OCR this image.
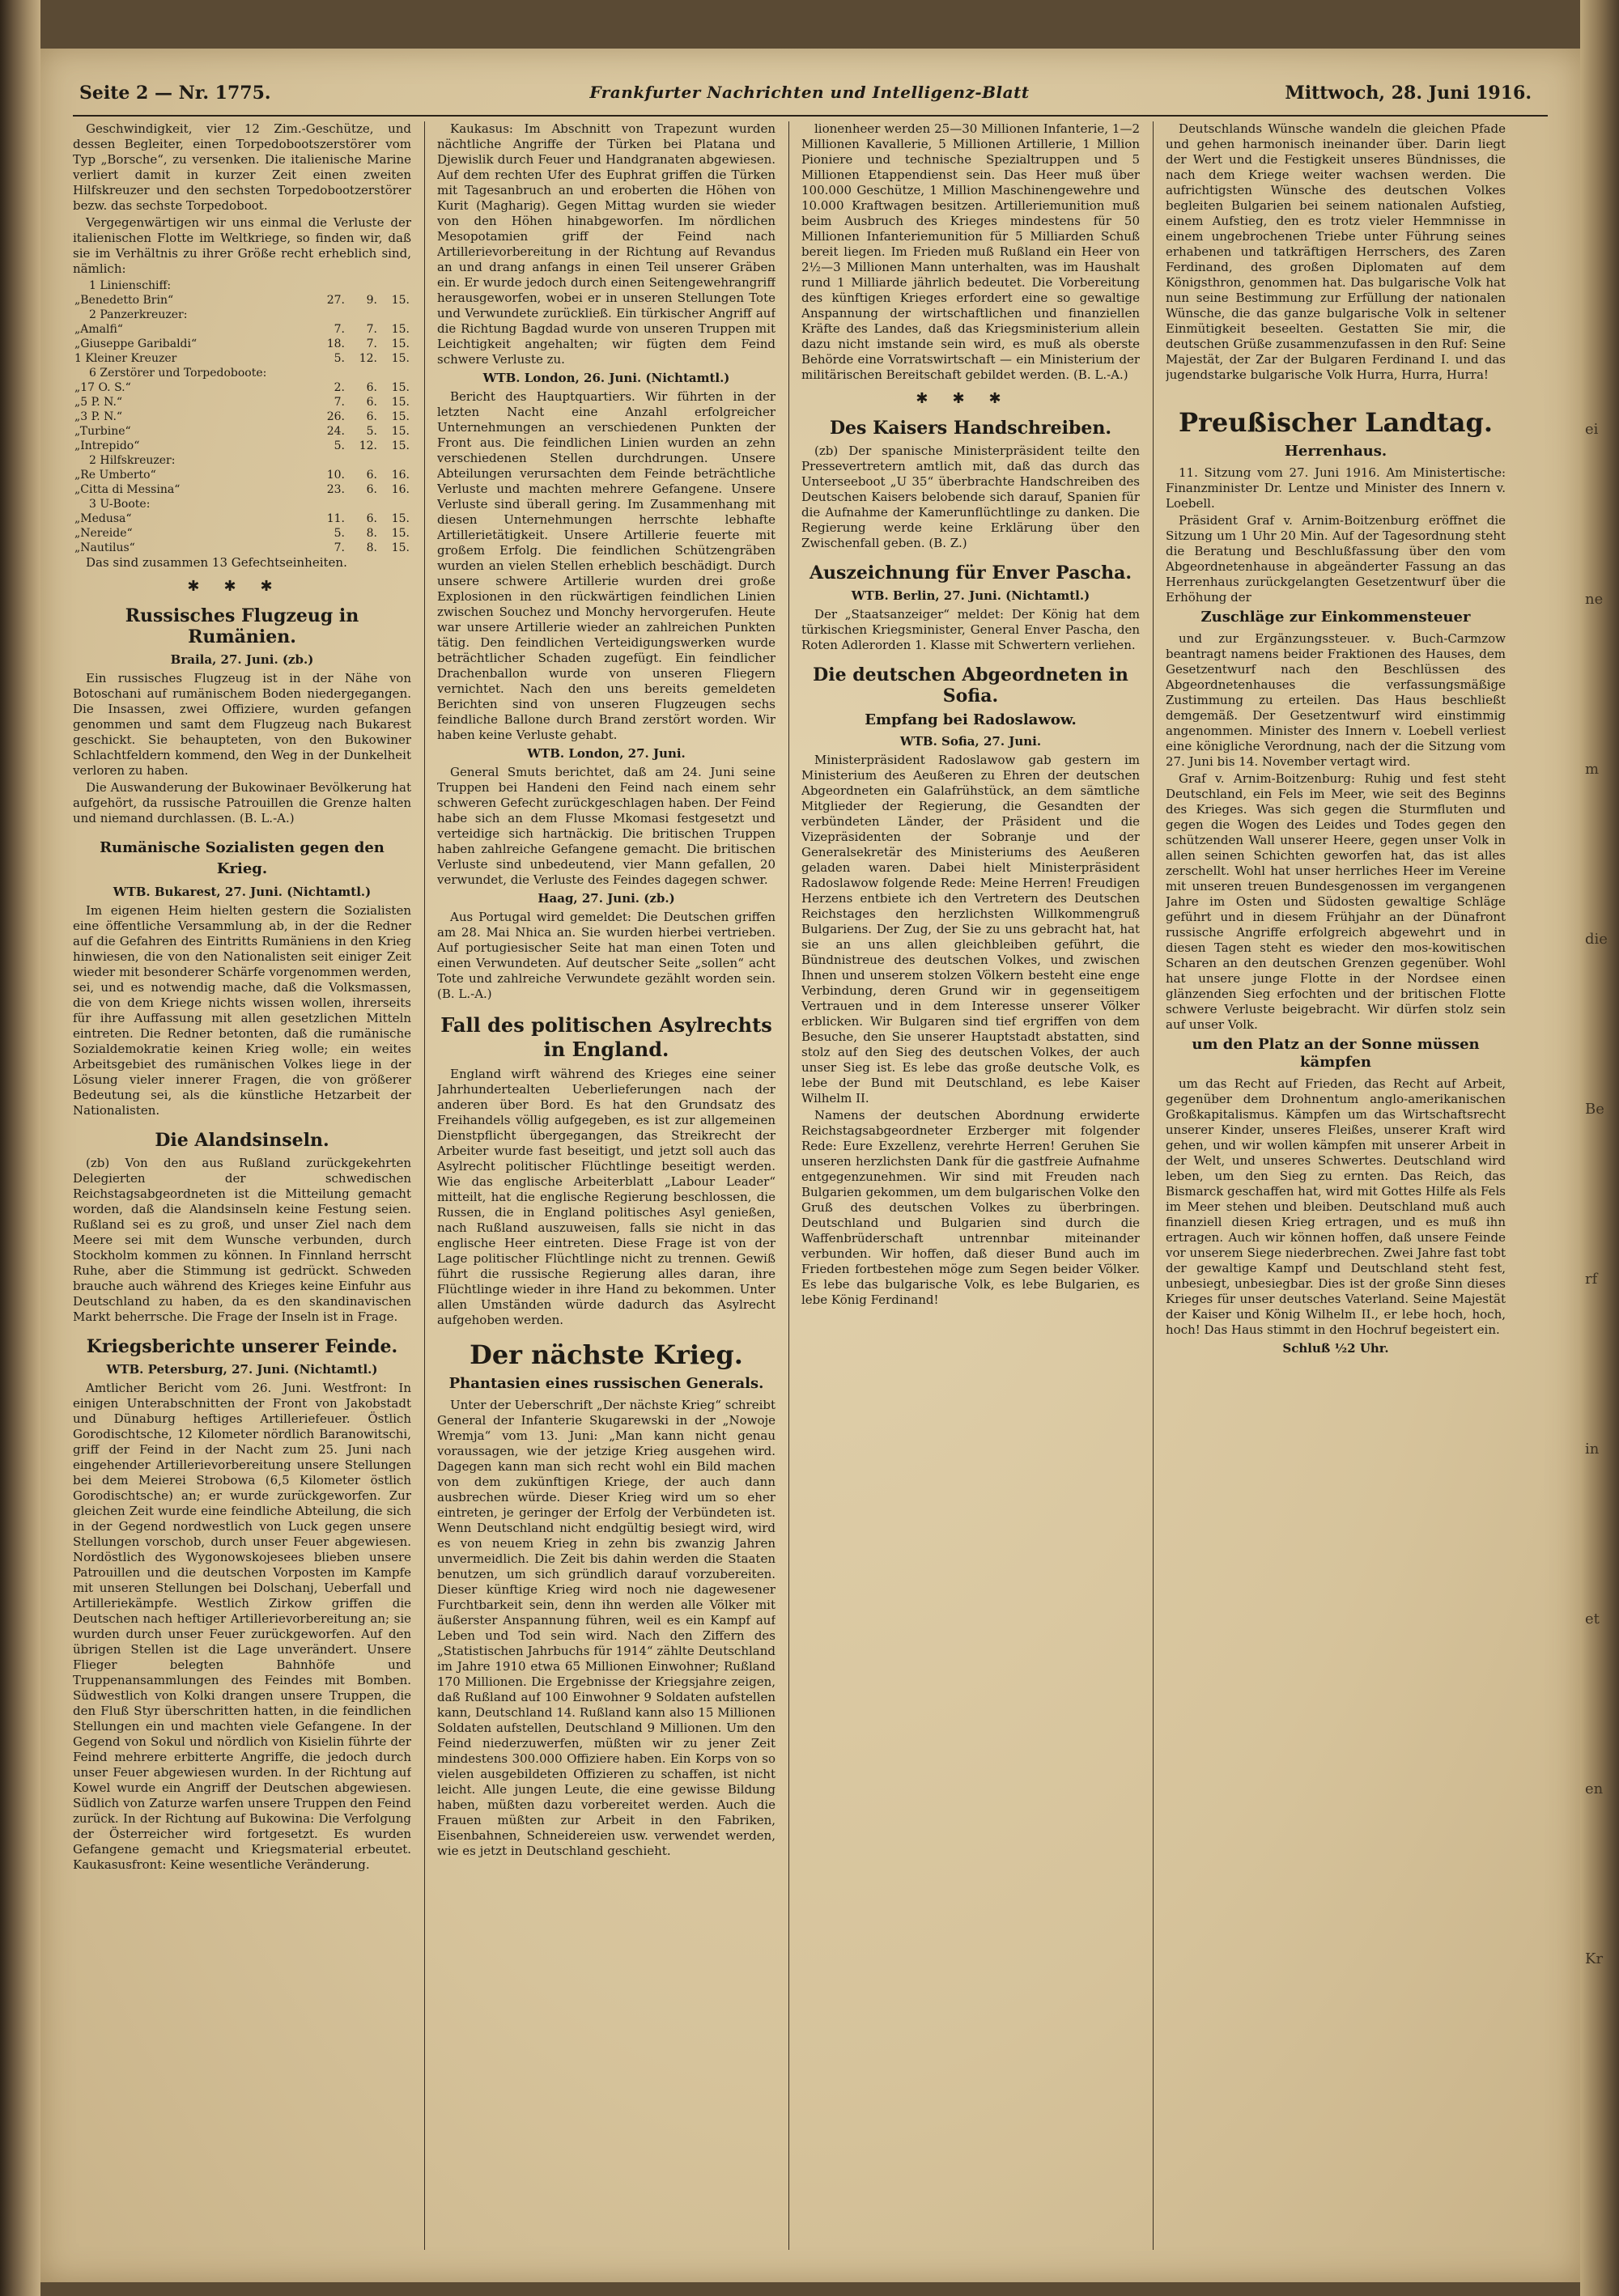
Seite 2 — Nr. 1775.	Frankfurter Nachrichten und Intelligenz-Blatt	Mittwoch, 28. Juni 1916.

Geschwindigkeit, vier 12 Zim.-Geschütze, und dessen Begleiter, einen Torpedobootszerstörer vom Typ „Borsche“, zu versenken. Die italienische Marine verliert damit in kurzer Zeit einen zweiten Hilfskreuzer und den sechsten Torpedobootzerstörer bezw. das sechste Torpedoboot.

Vergegenwärtigen wir uns einmal die Verluste der italienischen Flotte im Weltkriege, so finden wir, daß sie im Verhältnis zu ihrer Größe recht erheblich sind, nämlich:

1 Linienschiff:			
„Benedetto Brin“	27.	9.	15.
2 Panzerkreuzer:			
„Amalfi“	7.	7.	15.
„Giuseppe Garibaldi“	18.	7.	15.
1 Kleiner Kreuzer	5.	12.	15.
6 Zerstörer und Torpedoboote:			
„17 O. S.“	2.	6.	15.
„5 P. N.“	7.	6.	15.
„3 P. N.“	26.	6.	15.
„Turbine“	24.	5.	15.
„Intrepido“	5.	12.	15.
2 Hilfskreuzer:			
„Re Umberto“	10.	6.	16.
„Citta di Messina“	23.	6.	16.
3 U-Boote:			
„Medusa“	11.	6.	15.
„Nereide“	5.	8.	15.
„Nautilus“	7.	8.	15.

Das sind zusammen 13 Gefechtseinheiten.

✱✱✱
Russisches Flugzeug in Rumänien.

Braila, 27. Juni. (zb.)

Ein russisches Flugzeug ist in der Nähe von Botoschani auf rumänischem Boden niedergegangen. Die Insassen, zwei Offiziere, wurden gefangen genommen und samt dem Flugzeug nach Bukarest geschickt. Sie behaupteten, von den Bukowiner Schlachtfeldern kommend, den Weg in der Dunkelheit verloren zu haben.

Die Auswanderung der Bukowinaer Bevölkerung hat aufgehört, da russische Patrouillen die Grenze halten und niemand durchlassen. (B. L.-A.)

Rumänische Sozialisten gegen den Krieg.

WTB. Bukarest, 27. Juni. (Nichtamtl.)

Im eigenen Heim hielten gestern die Sozialisten eine öffentliche Versammlung ab, in der die Redner auf die Gefahren des Eintritts Rumäniens in den Krieg hinwiesen, die von den Nationalisten seit einiger Zeit wieder mit besonderer Schärfe vorgenommen werden, sei, und es notwendig mache, daß die Volksmassen, die von dem Kriege nichts wissen wollen, ihrerseits für ihre Auffassung mit allen gesetzlichen Mitteln eintreten. Die Redner betonten, daß die rumänische Sozialdemokratie keinen Krieg wolle; ein weites Arbeitsgebiet des rumänischen Volkes liege in der Lösung vieler innerer Fragen, die von größerer Bedeutung sei, als die künstliche Hetzarbeit der Nationalisten.

Die Alandsinseln.

(zb) Von den aus Rußland zurückgekehrten Delegierten der schwedischen Reichstagsabgeordneten ist die Mitteilung gemacht worden, daß die Alandsinseln keine Festung seien. Rußland sei es zu groß, und unser Ziel nach dem Meere sei mit dem Wunsche verbunden, durch Stockholm kommen zu können. In Finnland herrscht Ruhe, aber die Stimmung ist gedrückt. Schweden brauche auch während des Krieges keine Einfuhr aus Deutschland zu haben, da es den skandinavischen Markt beherrsche. Die Frage der Inseln ist in Frage.

Kriegsberichte unserer Feinde.

WTB. Petersburg, 27. Juni. (Nichtamtl.)

Amtlicher Bericht vom 26. Juni. Westfront: In einigen Unterabschnitten der Front von Jakobstadt und Dünaburg heftiges Artilleriefeuer. Östlich Gorodischtsche, 12 Kilometer nördlich Baranowitschi, griff der Feind in der Nacht zum 25. Juni nach eingehender Artillerievorbereitung unsere Stellungen bei dem Meierei Strobowa (6,5 Kilometer östlich Gorodischtsche) an; er wurde zurückgeworfen. Zur gleichen Zeit wurde eine feindliche Abteilung, die sich in der Gegend nordwestlich von Luck gegen unsere Stellungen vorschob, durch unser Feuer abgewiesen. Nordöstlich des Wygonowskojesees blieben unsere Patrouillen und die deutschen Vorposten im Kampfe mit unseren Stellungen bei Dolschanj, Ueberfall und Artilleriekämpfe. Westlich Zirkow griffen die Deutschen nach heftiger Artillerievorbereitung an; sie wurden durch unser Feuer zurückgeworfen. Auf den übrigen Stellen ist die Lage unverändert. Unsere Flieger belegten Bahnhöfe und Truppenansammlungen des Feindes mit Bomben. Südwestlich von Kolki drangen unsere Truppen, die den Fluß Styr überschritten hatten, in die feindlichen Stellungen ein und machten viele Gefangene. In der Gegend von Sokul und nördlich von Kisielin führte der Feind mehrere erbitterte Angriffe, die jedoch durch unser Feuer abgewiesen wurden. In der Richtung auf Kowel wurde ein Angriff der Deutschen abgewiesen. Südlich von Zaturze warfen unsere Truppen den Feind zurück. In der Richtung auf Bukowina: Die Verfolgung der Österreicher wird fortgesetzt. Es wurden Gefangene gemacht und Kriegsmaterial erbeutet. Kaukasusfront: Keine wesentliche Veränderung.

Kaukasus: Im Abschnitt von Trapezunt wurden nächtliche Angriffe der Türken bei Platana und Djewislik durch Feuer und Handgranaten abgewiesen. Auf dem rechten Ufer des Euphrat griffen die Türken mit Tagesanbruch an und eroberten die Höhen von Kurit (Magharig). Gegen Mittag wurden sie wieder von den Höhen hinabgeworfen. Im nördlichen Mesopotamien griff der Feind nach Artillerievorbereitung in der Richtung auf Revandus an und drang anfangs in einen Teil unserer Gräben ein. Er wurde jedoch durch einen Seitengewehrangriff herausgeworfen, wobei er in unseren Stellungen Tote und Verwundete zurückließ. Ein türkischer Angriff auf die Richtung Bagdad wurde von unseren Truppen mit Leichtigkeit angehalten; wir fügten dem Feind schwere Verluste zu.

WTB. London, 26. Juni. (Nichtamtl.)

Bericht des Hauptquartiers. Wir führten in der letzten Nacht eine Anzahl erfolgreicher Unternehmungen an verschiedenen Punkten der Front aus. Die feindlichen Linien wurden an zehn verschiedenen Stellen durchdrungen. Unsere Abteilungen verursachten dem Feinde beträchtliche Verluste und machten mehrere Gefangene. Unsere Verluste sind überall gering. Im Zusammenhang mit diesen Unternehmungen herrschte lebhafte Artillerietätigkeit. Unsere Artillerie feuerte mit großem Erfolg. Die feindlichen Schützengräben wurden an vielen Stellen erheblich beschädigt. Durch unsere schwere Artillerie wurden drei große Explosionen in den rückwärtigen feindlichen Linien zwischen Souchez und Monchy hervorgerufen. Heute war unsere Artillerie wieder an zahlreichen Punkten tätig. Den feindlichen Verteidigungswerken wurde beträchtlicher Schaden zugefügt. Ein feindlicher Drachenballon wurde von unseren Fliegern vernichtet. Nach den uns bereits gemeldeten Berichten sind von unseren Flugzeugen sechs feindliche Ballone durch Brand zerstört worden. Wir haben keine Verluste gehabt.

WTB. London, 27. Juni.

General Smuts berichtet, daß am 24. Juni seine Truppen bei Handeni den Feind nach einem sehr schweren Gefecht zurückgeschlagen haben. Der Feind habe sich an dem Flusse Mkomasi festgesetzt und verteidige sich hartnäckig. Die britischen Truppen haben zahlreiche Gefangene gemacht. Die britischen Verluste sind unbedeutend, vier Mann gefallen, 20 verwundet, die Verluste des Feindes dagegen schwer.

Haag, 27. Juni. (zb.)

Aus Portugal wird gemeldet: Die Deutschen griffen am 28. Mai Nhica an. Sie wurden hierbei vertrieben. Auf portugiesischer Seite hat man einen Toten und einen Verwundeten. Auf deutscher Seite „sollen“ acht Tote und zahlreiche Verwundete gezählt worden sein. (B. L.-A.)

Fall des politischen Asylrechts in England.

England wirft während des Krieges eine seiner Jahrhundertealten Ueberlieferungen nach der anderen über Bord. Es hat den Grundsatz des Freihandels völlig aufgegeben, es ist zur allgemeinen Dienstpflicht übergegangen, das Streikrecht der Arbeiter wurde fast beseitigt, und jetzt soll auch das Asylrecht politischer Flüchtlinge beseitigt werden. Wie das englische Arbeiterblatt „Labour Leader“ mitteilt, hat die englische Regierung beschlossen, die Russen, die in England politisches Asyl genießen, nach Rußland auszuweisen, falls sie nicht in das englische Heer eintreten. Diese Frage ist von der Lage politischer Flüchtlinge nicht zu trennen. Gewiß führt die russische Regierung alles daran, ihre Flüchtlinge wieder in ihre Hand zu bekommen. Unter allen Umständen würde dadurch das Asylrecht aufgehoben werden.

Der nächste Krieg.
Phantasien eines russischen Generals.

Unter der Ueberschrift „Der nächste Krieg“ schreibt General der Infanterie Skugarewski in der „Nowoje Wremja“ vom 13. Juni: „Man kann nicht genau voraussagen, wie der jetzige Krieg ausgehen wird. Dagegen kann man sich recht wohl ein Bild machen von dem zukünftigen Kriege, der auch dann ausbrechen würde. Dieser Krieg wird um so eher eintreten, je geringer der Erfolg der Verbündeten ist. Wenn Deutschland nicht endgültig besiegt wird, wird es von neuem Krieg in zehn bis zwanzig Jahren unvermeidlich. Die Zeit bis dahin werden die Staaten benutzen, um sich gründlich darauf vorzubereiten. Dieser künftige Krieg wird noch nie dagewesener Furchtbarkeit sein, denn ihn werden alle Völker mit äußerster Anspannung führen, weil es ein Kampf auf Leben und Tod sein wird. Nach den Ziffern des „Statistischen Jahrbuchs für 1914“ zählte Deutschland im Jahre 1910 etwa 65 Millionen Einwohner; Rußland 170 Millionen. Die Ergebnisse der Kriegsjahre zeigen, daß Rußland auf 100 Einwohner 9 Soldaten aufstellen kann, Deutschland 14. Rußland kann also 15 Millionen Soldaten aufstellen, Deutschland 9 Millionen. Um den Feind niederzuwerfen, müßten wir zu jener Zeit mindestens 300.000 Offiziere haben. Ein Korps von so vielen ausgebildeten Offizieren zu schaffen, ist nicht leicht. Alle jungen Leute, die eine gewisse Bildung haben, müßten dazu vorbereitet werden. Auch die Frauen müßten zur Arbeit in den Fabriken, Eisenbahnen, Schneidereien usw. verwendet werden, wie es jetzt in Deutschland geschieht.

lionenheer werden 25—30 Millionen Infanterie, 1—2 Millionen Kavallerie, 5 Millionen Artillerie, 1 Million Pioniere und technische Spezialtruppen und 5 Millionen Etappendienst sein. Das Heer muß über 100.000 Geschütze, 1 Million Maschinengewehre und 10.000 Kraftwagen besitzen. Artilleriemunition muß beim Ausbruch des Krieges mindestens für 50 Millionen Infanteriemunition für 5 Milliarden Schuß bereit liegen. Im Frieden muß Rußland ein Heer von 2½—3 Millionen Mann unterhalten, was im Haushalt rund 1 Milliarde jährlich bedeutet. Die Vorbereitung des künftigen Krieges erfordert eine so gewaltige Anspannung der wirtschaftlichen und finanziellen Kräfte des Landes, daß das Kriegsministerium allein dazu nicht imstande sein wird, es muß als oberste Behörde eine Vorratswirtschaft — ein Ministerium der militärischen Bereitschaft gebildet werden. (B. L.-A.)

✱✱✱
Des Kaisers Handschreiben.

(zb) Der spanische Ministerpräsident teilte den Pressevertretern amtlich mit, daß das durch das Unterseeboot „U 35“ überbrachte Handschreiben des Deutschen Kaisers belobende sich darauf, Spanien für die Aufnahme der Kamerunflüchtlinge zu danken. Die Regierung werde keine Erklärung über den Zwischenfall geben. (B. Z.)

Auszeichnung für Enver Pascha.

WTB. Berlin, 27. Juni. (Nichtamtl.)

Der „Staatsanzeiger“ meldet: Der König hat dem türkischen Kriegsminister, General Enver Pascha, den Roten Adlerorden 1. Klasse mit Schwertern verliehen.

Die deutschen Abgeordneten in Sofia.
Empfang bei Radoslawow.

WTB. Sofia, 27. Juni.

Ministerpräsident Radoslawow gab gestern im Ministerium des Aeußeren zu Ehren der deutschen Abgeordneten ein Galafrühstück, an dem sämtliche Mitglieder der Regierung, die Gesandten der verbündeten Länder, der Präsident und die Vizepräsidenten der Sobranje und der Generalsekretär des Ministeriums des Aeußeren geladen waren. Dabei hielt Ministerpräsident Radoslawow folgende Rede: Meine Herren! Freudigen Herzens entbiete ich den Vertretern des Deutschen Reichstages den herzlichsten Willkommengruß Bulgariens. Der Zug, der Sie zu uns gebracht hat, hat sie an uns allen gleichbleiben geführt, die Bündnistreue des deutschen Volkes, und zwischen Ihnen und unserem stolzen Völkern besteht eine enge Verbindung, deren Grund wir in gegenseitigem Vertrauen und in dem Interesse unserer Völker erblicken. Wir Bulgaren sind tief ergriffen von dem Besuche, den Sie unserer Hauptstadt abstatten, sind stolz auf den Sieg des deutschen Volkes, der auch unser Sieg ist. Es lebe das große deutsche Volk, es lebe der Bund mit Deutschland, es lebe Kaiser Wilhelm II.

Namens der deutschen Abordnung erwiderte Reichstagsabgeordneter Erzberger mit folgender Rede: Eure Exzellenz, verehrte Herren! Geruhen Sie unseren herzlichsten Dank für die gastfreie Aufnahme entgegenzunehmen. Wir sind mit Freuden nach Bulgarien gekommen, um dem bulgarischen Volke den Gruß des deutschen Volkes zu überbringen. Deutschland und Bulgarien sind durch die Waffenbrüderschaft untrennbar miteinander verbunden. Wir hoffen, daß dieser Bund auch im Frieden fortbestehen möge zum Segen beider Völker. Es lebe das bulgarische Volk, es lebe Bulgarien, es lebe König Ferdinand!

Deutschlands Wünsche wandeln die gleichen Pfade und gehen harmonisch ineinander über. Darin liegt der Wert und die Festigkeit unseres Bündnisses, die nach dem Kriege weiter wachsen werden. Die aufrichtigsten Wünsche des deutschen Volkes begleiten Bulgarien bei seinem nationalen Aufstieg, einem Aufstieg, den es trotz vieler Hemmnisse in einem ungebrochenen Triebe unter Führung seines erhabenen und tatkräftigen Herrschers, des Zaren Ferdinand, des großen Diplomaten auf dem Königsthron, genommen hat. Das bulgarische Volk hat nun seine Bestimmung zur Erfüllung der nationalen Wünsche, die das ganze bulgarische Volk in seltener Einmütigkeit beseelten. Gestatten Sie mir, die deutschen Grüße zusammenzufassen in den Ruf: Seine Majestät, der Zar der Bulgaren Ferdinand I. und das jugendstarke bulgarische Volk Hurra, Hurra, Hurra!

Preußischer Landtag.
Herrenhaus.

11. Sitzung vom 27. Juni 1916. Am Ministertische: Finanzminister Dr. Lentze und Minister des Innern v. Loebell.

Präsident Graf v. Arnim-Boitzenburg eröffnet die Sitzung um 1 Uhr 20 Min. Auf der Tagesordnung steht die Beratung und Beschlußfassung über den vom Abgeordnetenhause in abgeänderter Fassung an das Herrenhaus zurückgelangten Gesetzentwurf über die Erhöhung der

Zuschläge zur Einkommensteuer

und zur Ergänzungssteuer. v. Buch-Carmzow beantragt namens beider Fraktionen des Hauses, dem Gesetzentwurf nach den Beschlüssen des Abgeordnetenhauses die verfassungsmäßige Zustimmung zu erteilen. Das Haus beschließt demgemäß. Der Gesetzentwurf wird einstimmig angenommen. Minister des Innern v. Loebell verliest eine königliche Verordnung, nach der die Sitzung vom 27. Juni bis 14. November vertagt wird.

Graf v. Arnim-Boitzenburg: Ruhig und fest steht Deutschland, ein Fels im Meer, wie seit des Beginns des Krieges. Was sich gegen die Sturmfluten und gegen die Wogen des Leides und Todes gegen den schützenden Wall unserer Heere, gegen unser Volk in allen seinen Schichten geworfen hat, das ist alles zerschellt. Wohl hat unser herrliches Heer im Vereine mit unseren treuen Bundesgenossen im vergangenen Jahre im Osten und Südosten gewaltige Schläge geführt und in diesem Frühjahr an der Dünafront russische Angriffe erfolgreich abgewehrt und in diesen Tagen steht es wieder den mos-kowitischen Scharen an den deutschen Grenzen gegenüber. Wohl hat unsere junge Flotte in der Nordsee einen glänzenden Sieg erfochten und der britischen Flotte schwere Verluste beigebracht. Wir dürfen stolz sein auf unser Volk.

um den Platz an der Sonne müssen kämpfen

um das Recht auf Frieden, das Recht auf Arbeit, gegenüber dem Drohnentum anglo-amerikanischen Großkapitalismus. Kämpfen um das Wirtschaftsrecht unserer Kinder, unseres Fleißes, unserer Kraft wird gehen, und wir wollen kämpfen mit unserer Arbeit in der Welt, und unseres Schwertes. Deutschland wird leben, um den Sieg zu ernten. Das Reich, das Bismarck geschaffen hat, wird mit Gottes Hilfe als Fels im Meer stehen und bleiben. Deutschland muß auch finanziell diesen Krieg ertragen, und es muß ihn ertragen. Auch wir können hoffen, daß unsere Feinde vor unserem Siege niederbrechen. Zwei Jahre fast tobt der gewaltige Kampf und Deutschland steht fest, unbesiegt, unbesiegbar. Dies ist der große Sinn dieses Krieges für unser deutsches Vaterland. Seine Majestät der Kaiser und König Wilhelm II., er lebe hoch, hoch, hoch! Das Haus stimmt in den Hochruf begeistert ein.

Schluß ½2 Uhr.

ei
ne
m
die
Be
rf
in
et
en
Kr
